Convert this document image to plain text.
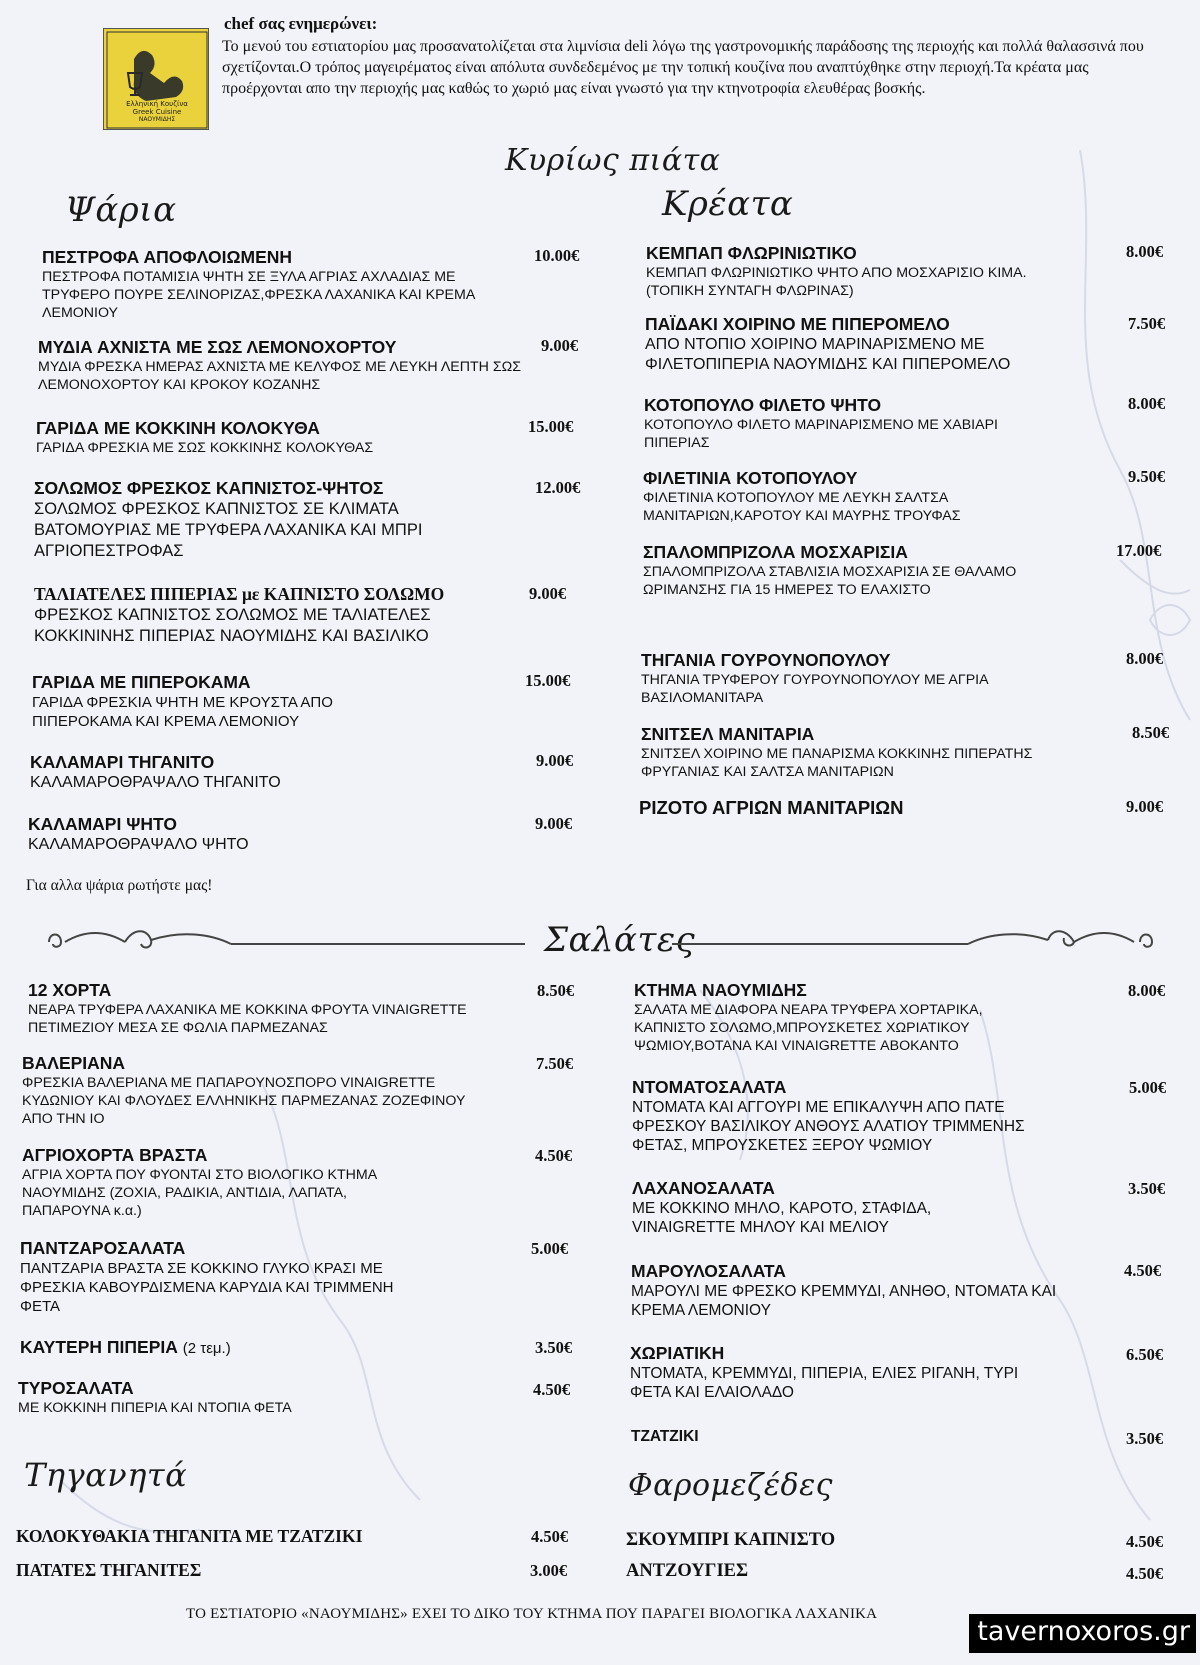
Ελληνική Κουζίνα
Greek Cuisine
ΝΑΟΥΜΙΔΗΣ
chef σας ενημερώνει:
Το μενού του εστιατορίου μας προσανατολίζεται στα λιμνίσια deli λόγω της γαστρονομικής παράδοσης της περιοχής και πολλά θαλασσινά που σχετίζονται.Ο τρόπος μαγειρέματος είναι απόλυτα συνδεδεμένος με την τοπική κουζίνα που αναπτύχθηκε στην περιοχή.Τα κρέατα μας προέρχονται απο την περιοχής μας καθώς το χωριό μας είναι γνωστό για την κτηνοτροφία ελευθέρας βοσκής.
Κυρίως πιάτα
Ψάρια	Κρέατα
Σαλάτες
Τηγανητά	Φαρομεζέδες
ΠΕΣΤΡΟΦΑ ΑΠΟΦΛΟΙΩΜΕΝΗ
ΠΕΣΤΡΟΦΑ ΠΟΤΑΜΙΣΙΑ ΨΗΤΗ ΣΕ ΞΥΛΑ ΑΓΡΙΑΣ ΑΧΛΑΔΙΑΣ ΜΕ ΤΡΥΦΕΡΟ ΠΟΥΡΕ ΣΕΛΙΝΟΡΙΖΑΣ,ΦΡΕΣΚΑ ΛΑΧΑΝΙΚΑ ΚΑΙ ΚΡΕΜΑ ΛΕΜΟΝΙΟΥ
10.00€
ΜΥΔΙΑ ΑΧΝΙΣΤΑ ΜΕ ΣΩΣ ΛΕΜΟΝΟΧΟΡΤΟΥ
ΜΥΔΙΑ ΦΡΕΣΚΑ ΗΜΕΡΑΣ ΑΧΝΙΣΤΑ ΜΕ ΚΕΛΥΦΟΣ ΜΕ ΛΕΥΚΗ ΛΕΠΤΗ ΣΩΣ ΛΕΜΟΝΟΧΟΡΤΟΥ ΚΑΙ ΚΡΟΚΟΥ ΚΟΖΑΝΗΣ
9.00€
ΓΑΡΙΔΑ ΜΕ ΚΟΚΚΙΝΗ ΚΟΛΟΚΥΘΑ
ΓΑΡΙΔΑ ΦΡΕΣΚΙΑ ΜΕ ΣΩΣ ΚΟΚΚΙΝΗΣ ΚΟΛΟΚΥΘΑΣ
15.00€
ΣΟΛΩΜΟΣ ΦΡΕΣΚΟΣ ΚΑΠΝΙΣΤΟΣ-ΨΗΤΟΣ
ΣΟΛΩΜΟΣ ΦΡΕΣΚΟΣ ΚΑΠΝΙΣΤΟΣ ΣΕ ΚΛΙΜΑΤΑ ΒΑΤΟΜΟΥΡΙΑΣ ΜΕ ΤΡΥΦΕΡΑ ΛΑΧΑΝΙΚΑ ΚΑΙ ΜΠΡΙ ΑΓΡΙΟΠΕΣΤΡΟΦΑΣ
12.00€
ΤΑΛΙΑΤΕΛΕΣ ΠΙΠΕΡΙΑΣ με ΚΑΠΝΙΣΤΟ ΣΟΛΩΜΟ
ΦΡΕΣΚΟΣ ΚΑΠΝΙΣΤΟΣ ΣΟΛΩΜΟΣ ΜΕ ΤΑΛΙΑΤΕΛΕΣ ΚΟΚΚΙΝΙΝΗΣ ΠΙΠΕΡΙΑΣ ΝΑΟΥΜΙΔΗΣ ΚΑΙ ΒΑΣΙΛΙΚΟ
9.00€
ΓΑΡΙΔΑ ΜΕ ΠΙΠΕΡΟΚΑΜΑ
ΓΑΡΙΔΑ ΦΡΕΣΚΙΑ ΨΗΤΗ ΜΕ ΚΡΟΥΣΤΑ ΑΠΟ ΠΙΠΕΡΟΚΑΜΑ ΚΑΙ ΚΡΕΜΑ ΛΕΜΟΝΙΟΥ
15.00€
ΚΑΛΑΜΑΡΙ ΤΗΓΑΝΙΤΟ
ΚΑΛΑΜΑΡΟΘΡΑΨΑΛΟ ΤΗΓΑΝΙΤΟ
9.00€
ΚΑΛΑΜΑΡΙ ΨΗΤΟ
ΚΑΛΑΜΑΡΟΘΡΑΨΑΛΟ ΨΗΤΟ
9.00€
Για αλλα ψάρια ρωτήστε μας!
ΚΕΜΠΑΠ ΦΛΩΡΙΝΙΩΤΙΚΟ
ΚΕΜΠΑΠ ΦΛΩΡΙΝΙΩΤΙΚΟ ΨΗΤΟ ΑΠΟ ΜΟΣΧΑΡΙΣΙΟ ΚΙΜΑ.(ΤΟΠΙΚΗ ΣΥΝΤΑΓΗ ΦΛΩΡΙΝΑΣ)
8.00€
ΠΑΪΔΑΚΙ ΧΟΙΡΙΝΟ ΜΕ ΠΙΠΕΡΟΜΕΛΟ
ΑΠΟ ΝΤΟΠΙΟ ΧΟΙΡΙΝΟ ΜΑΡΙΝΑΡΙΣΜΕΝΟ ΜΕ ΦΙΛΕΤΟΠΙΠΕΡΙΑ ΝΑΟΥΜΙΔΗΣ ΚΑΙ ΠΙΠΕΡΟΜΕΛΟ
7.50€
ΚΟΤΟΠΟΥΛΟ ΦΙΛΕΤΟ ΨΗΤΟ
ΚΟΤΟΠΟΥΛΟ ΦΙΛΕΤΟ ΜΑΡΙΝΑΡΙΣΜΕΝΟ ΜΕ ΧΑΒΙΑΡΙ ΠΙΠΕΡΙΑΣ
8.00€
ΦΙΛΕΤΙΝΙΑ ΚΟΤΟΠΟΥΛΟΥ
ΦΙΛΕΤΙΝΙΑ ΚΟΤΟΠΟΥΛΟΥ ΜΕ ΛΕΥΚΗ ΣΑΛΤΣΑ ΜΑΝΙΤΑΡΙΩΝ,ΚΑΡΟΤΟΥ ΚΑΙ ΜΑΥΡΗΣ ΤΡΟΥΦΑΣ
9.50€
ΣΠΑΛΟΜΠΡΙΖΟΛΑ ΜΟΣΧΑΡΙΣΙΑ
ΣΠΑΛΟΜΠΡΙΖΟΛΑ ΣΤΑΒΛΙΣΙΑ ΜΟΣΧΑΡΙΣΙΑ ΣΕ ΘΑΛΑΜΟ ΩΡΙΜΑΝΣΗΣ ΓΙΑ 15 ΗΜΕΡΕΣ ΤΟ ΕΛΑΧΙΣΤΟ
17.00€
ΤΗΓΑΝΙΑ ΓΟΥΡΟΥΝΟΠΟΥΛΟΥ
ΤΗΓΑΝΙΑ ΤΡΥΦΕΡΟΥ ΓΟΥΡΟΥΝΟΠΟΥΛΟΥ ΜΕ ΑΓΡΙΑ ΒΑΣΙΛΟΜΑΝΙΤΑΡΑ
8.00€
ΣΝΙΤΣΕΛ ΜΑΝΙΤΑΡΙΑ
ΣΝΙΤΣΕΛ ΧΟΙΡΙΝΟ ΜΕ ΠΑΝΑΡΙΣΜΑ ΚΟΚΚΙΝΗΣ ΠΙΠΕΡΑΤΗΣ ΦΡΥΓΑΝΙΑΣ ΚΑΙ ΣΑΛΤΣΑ ΜΑΝΙΤΑΡΙΩΝ
8.50€
ΡΙΖΟΤΟ ΑΓΡΙΩΝ ΜΑΝΙΤΑΡΙΩΝ	9.00€
12 ΧΟΡΤΑ
ΝΕΑΡΑ ΤΡΥΦΕΡΑ ΛΑΧΑΝΙΚΑ ΜΕ ΚΟΚΚΙΝΑ ΦΡΟΥΤΑ VINAIGRETTE ΠΕΤΙΜΕΖΙΟΥ ΜΕΣΑ ΣΕ ΦΩΛΙΑ ΠΑΡΜΕΖΑΝΑΣ
8.50€
ΒΑΛΕΡΙΑΝΑ
ΦΡΕΣΚΙΑ ΒΑΛΕΡΙΑΝΑ ΜΕ ΠΑΠΑΡΟΥΝΟΣΠΟΡΟ VINAIGRETTE ΚΥΔΩΝΙΟΥ ΚΑΙ ΦΛΟΥΔΕΣ ΕΛΛΗΝΙΚΗΣ ΠΑΡΜΕΖΑΝΑΣ ΖΟΖΕΦΙΝΟΥ ΑΠΟ ΤΗΝ ΙΟ
7.50€
ΑΓΡΙΟΧΟΡΤΑ ΒΡΑΣΤΑ
ΑΓΡΙΑ ΧΟΡΤΑ ΠΟΥ ΦΥΟΝΤΑΙ ΣΤΟ ΒΙΟΛΟΓΙΚΟ ΚΤΗΜΑ ΝΑΟΥΜΙΔΗΣ (ΖΟΧΙΑ, ΡΑΔΙΚΙΑ, ΑΝΤΙΔΙΑ, ΛΑΠΑΤΑ, ΠΑΠΑΡΟΥΝΑ κ.α.)
4.50€
ΠΑΝΤΖΑΡΟΣΑΛΑΤΑ
ΠΑΝΤΖΑΡΙΑ ΒΡΑΣΤΑ ΣΕ ΚΟΚΚΙΝΟ ΓΛΥΚΟ ΚΡΑΣΙ ΜΕ ΦΡΕΣΚΙΑ ΚΑΒΟΥΡΔΙΣΜΕΝΑ ΚΑΡΥΔΙΑ ΚΑΙ ΤΡΙΜΜΕΝΗ ΦΕΤΑ
5.00€
ΚΑΥΤΕΡΗ ΠΙΠΕΡΙΑ (2 τεμ.)	3.50€
ΤΥΡΟΣΑΛΑΤΑ
ΜΕ ΚΟΚΚΙΝΗ ΠΙΠΕΡΙΑ ΚΑΙ ΝΤΟΠΙΑ ΦΕΤΑ
4.50€
ΚΤΗΜΑ ΝΑΟΥΜΙΔΗΣ
ΣΑΛΑΤΑ ΜΕ ΔΙΑΦΟΡΑ ΝΕΑΡΑ ΤΡΥΦΕΡΑ ΧΟΡΤΑΡΙΚΑ, ΚΑΠΝΙΣΤΟ ΣΟΛΩΜΟ,ΜΠΡΟΥΣΚΕΤΕΣ ΧΩΡΙΑΤΙΚΟΥ ΨΩΜΙΟΥ,ΒΟΤΑΝΑ ΚΑΙ VINAIGRETTE ΑΒΟΚΑΝΤΟ
8.00€
ΝΤΟΜΑΤΟΣΑΛΑΤΑ
ΝΤΟΜΑΤΑ ΚΑΙ ΑΓΓΟΥΡΙ ΜΕ ΕΠΙΚΑΛΥΨΗ ΑΠΟ ΠΑΤΕ ΦΡΕΣΚΟΥ ΒΑΣΙΛΙΚΟΥ ΑΝΘΟΥΣ ΑΛΑΤΙΟΥ ΤΡΙΜΜΕΝΗΣ ΦΕΤΑΣ, ΜΠΡΟΥΣΚΕΤΕΣ ΞΕΡΟΥ ΨΩΜΙΟΥ
5.00€
ΛΑΧΑΝΟΣΑΛΑΤΑ
ΜΕ ΚΟΚΚΙΝΟ ΜΗΛΟ, ΚΑΡΟΤΟ, ΣΤΑΦΙΔΑ, VINAIGRETTE ΜΗΛΟΥ ΚΑΙ ΜΕΛΙΟΥ
3.50€
ΜΑΡΟΥΛΟΣΑΛΑΤΑ
ΜΑΡΟΥΛΙ ΜΕ ΦΡΕΣΚΟ ΚΡΕΜΜΥΔΙ, ΑΝΗΘΟ, ΝΤΟΜΑΤΑ ΚΑΙ ΚΡΕΜΑ ΛΕΜΟΝΙΟΥ
4.50€
ΧΩΡΙΑΤΙΚΗ
ΝΤΟΜΑΤΑ, ΚΡΕΜΜΥΔΙ, ΠΙΠΕΡΙΑ, ΕΛΙΕΣ ΡΙΓΑΝΗ, ΤΥΡΙ ΦΕΤΑ ΚΑΙ ΕΛΑΙΟΛΑΔΟ
6.50€
ΤΖΑΤΖΙΚΙ	3.50€
ΚΟΛΟΚΥΘΑΚΙΑ ΤΗΓΑΝΙΤΑ ΜΕ ΤΖΑΤΖΙΚΙ	4.50€
ΠΑΤΑΤΕΣ ΤΗΓΑΝΙΤΕΣ	3.00€
ΣΚΟΥΜΠΡΙ ΚΑΠΝΙΣΤΟ	4.50€
ΑΝΤΖΟΥΓΙΕΣ	4.50€
ΤΟ ΕΣΤΙΑΤΟΡΙΟ «ΝΑΟΥΜΙΔΗΣ» ΕΧΕΙ ΤΟ ΔΙΚΟ ΤΟΥ ΚΤΗΜΑ ΠΟΥ ΠΑΡΑΓΕΙ ΒΙΟΛΟΓΙΚΑ ΛΑΧΑΝΙΚΑ
tavernoxoros.gr
